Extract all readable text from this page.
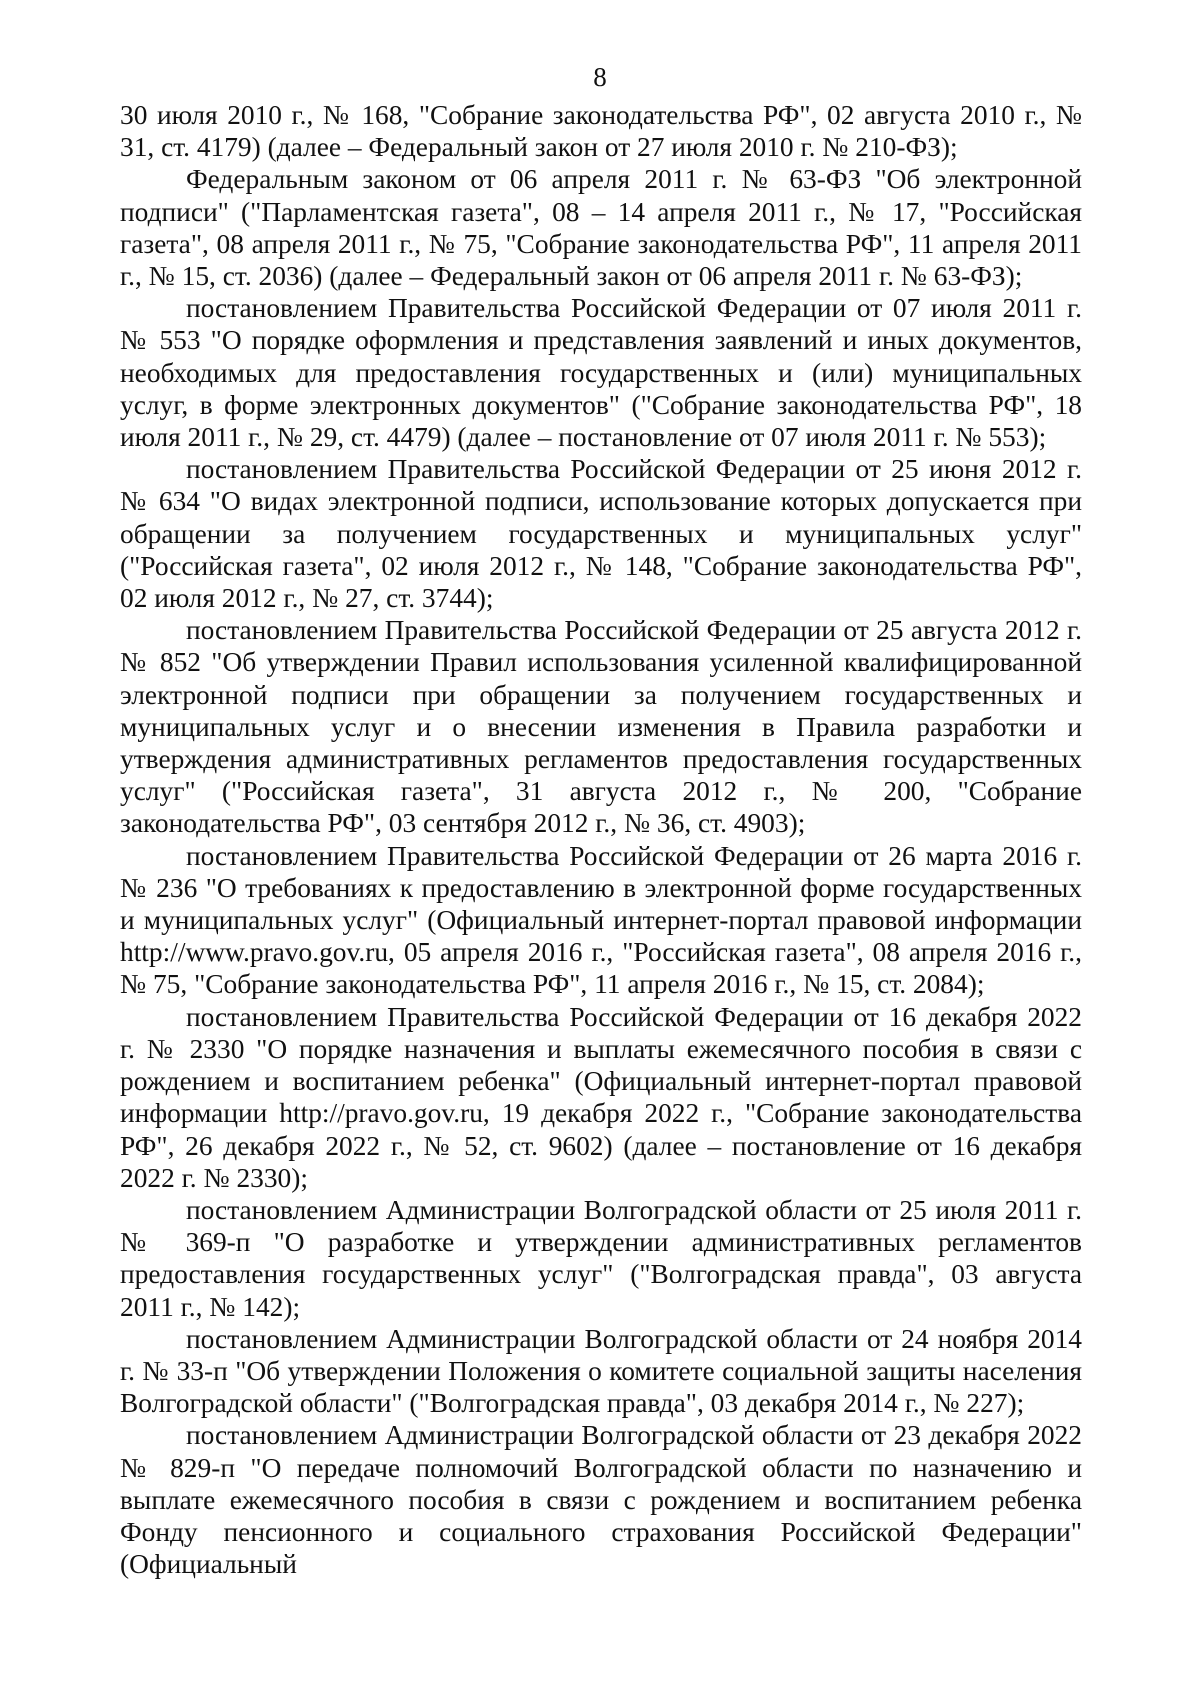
8

30 июля 2010 г., № 168, "Собрание законодательства РФ", 02 августа 2010 г., № 31, ст. 4179) (далее – Федеральный закон от 27 июля 2010 г. № 210-ФЗ);

Федеральным законом от 06 апреля 2011 г. № 63-ФЗ "Об электронной подписи" ("Парламентская газета", 08 – 14 апреля 2011 г., № 17, "Российская газета", 08 апреля 2011 г., № 75, "Собрание законодательства РФ", 11 апреля 2011 г., № 15, ст. 2036) (далее – Федеральный закон от 06 апреля 2011 г. № 63-ФЗ);

постановлением Правительства Российской Федерации от 07 июля 2011 г. № 553 "О порядке оформления и представления заявлений и иных документов, необходимых для предоставления государственных и (или) муниципальных услуг, в форме электронных документов" ("Собрание законодательства РФ", 18 июля 2011 г., № 29, ст. 4479) (далее – постановление от 07 июля 2011 г. № 553);

постановлением Правительства Российской Федерации от 25 июня 2012 г. № 634 "О видах электронной подписи, использование которых допускается при обращении за получением государственных и муниципальных услуг" ("Российская газета", 02 июля 2012 г., № 148, "Собрание законодательства РФ", 02 июля 2012 г., № 27, ст. 3744);

постановлением Правительства Российской Федерации от 25 августа 2012 г. № 852 "Об утверждении Правил использования усиленной квалифицированной электронной подписи при обращении за получением государственных и муниципальных услуг и о внесении изменения в Правила разработки и утверждения административных регламентов предоставления государственных услуг" ("Российская газета", 31 августа 2012 г., № 200, "Собрание законодательства РФ", 03 сентября 2012 г., № 36, ст. 4903);

постановлением Правительства Российской Федерации от 26 марта 2016 г. № 236 "О требованиях к предоставлению в электронной форме государственных и муниципальных услуг" (Официальный интернет-портал правовой информации http://www.pravo.gov.ru, 05 апреля 2016 г., "Российская газета", 08 апреля 2016 г., № 75, "Собрание законодательства РФ", 11 апреля 2016 г., № 15, ст. 2084);

постановлением Правительства Российской Федерации от 16 декабря 2022 г. № 2330 "О порядке назначения и выплаты ежемесячного пособия в связи с рождением и воспитанием ребенка" (Официальный интернет-портал правовой информации http://pravo.gov.ru, 19 декабря 2022 г., "Собрание законодательства РФ", 26 декабря 2022 г., № 52, ст. 9602) (далее – постановление от 16 декабря 2022 г. № 2330);

постановлением Администрации Волгоградской области от 25 июля 2011 г. № 369-п "О разработке и утверждении административных регламентов предоставления государственных услуг" ("Волгоградская правда", 03 августа 2011 г., № 142);

постановлением Администрации Волгоградской области от 24 ноября 2014 г. № 33-п "Об утверждении Положения о комитете социальной защиты населения Волгоградской области" ("Волгоградская правда", 03 декабря 2014 г., № 227);

постановлением Администрации Волгоградской области от 23 декабря 2022 № 829-п "О передаче полномочий Волгоградской области по назначению и выплате ежемесячного пособия в связи с рождением и воспитанием ребенка Фонду пенсионного и социального страхования Российской Федерации" (Официальный
